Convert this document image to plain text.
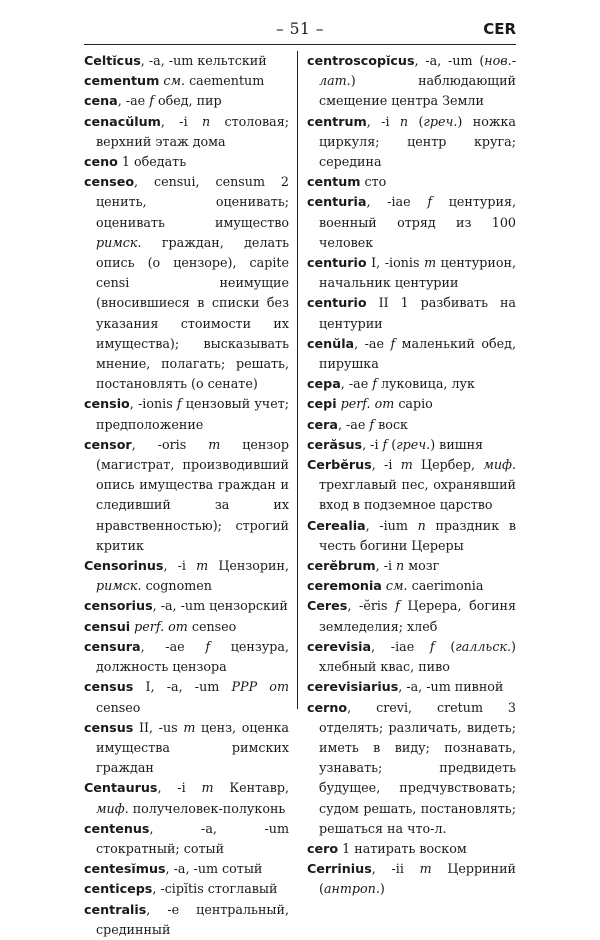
– 51 –	CER
Celtĭcus, -a, -um кельтский
cementum см. caementum
cena, -ae f обед, пир
cenacŭlum, -i n столовая; верхний этаж дома
ceno 1 обедать
censeo, censui, censum 2 ценить, оценивать; оценивать имущество римск. граждан, делать опись (о цензоре), capite censi неимущие (вносившиеся в списки без указания стоимости их имущества); высказывать мнение, полагать; решать, постановлять (о сенате)
censio, -ionis f цензовый учет; предположение
censor, -oris m цензор (магистрат, производивший опись имущества граждан и следивший за их нравственностью); строгий критик
Censorinus, -i m Цензорин, римск. cognomen
censorius, -a, -um цензорский
censui perf. от censeo
censura, -ae f цензура, должность цензора
census I, -a, -um PPP от censeo
census II, -us m ценз, оценка имущества римских граждан
Centaurus, -i m Кентавр, миф. получеловек-полуконь
centenus, -a, -um стократный; сотый
centesĭmus, -a, -um сотый
centiceps, -cipĭtis стоглавый
centralis, -e центральный, срединный
centroscopĭcus, -a, -um (нов.-лат.) наблюдающий смещение центра Земли
centrum, -i n (греч.) ножка циркуля; центр круга; середина
centum сто
centuria, -iae f центурия, военный отряд из 100 человек
centurio I, -ionis m центурион, начальник центурии
centurio II 1 разбивать на центурии
cenŭla, -ae f маленький обед, пирушка
cepa, -ae f луковица, лук
cepi perf. от capio
cera, -ae f воск
cerăsus, -i f (греч.) вишня
Cerbĕrus, -i m Цербер, миф. трехглавый пес, охранявший вход в подземное царство
Cerealia, -ium n праздник в честь богини Цереры
cerĕbrum, -i n мозг
ceremonia см. caerimonia
Ceres, -ĕris f Церера, богиня земледелия; хлеб
cerevisia, -iae f (галльск.) хлебный квас, пиво
cerevisiarius, -a, -um пивной
cerno, crevi, cretum 3 отделять; различать, видеть; иметь в виду; познавать, узнавать; предвидеть будущее, предчувствовать; судом решать, постановлять; решаться на что-л.
cero 1 натирать воском
Cerrinius, -ii m Церриний (антроп.)
